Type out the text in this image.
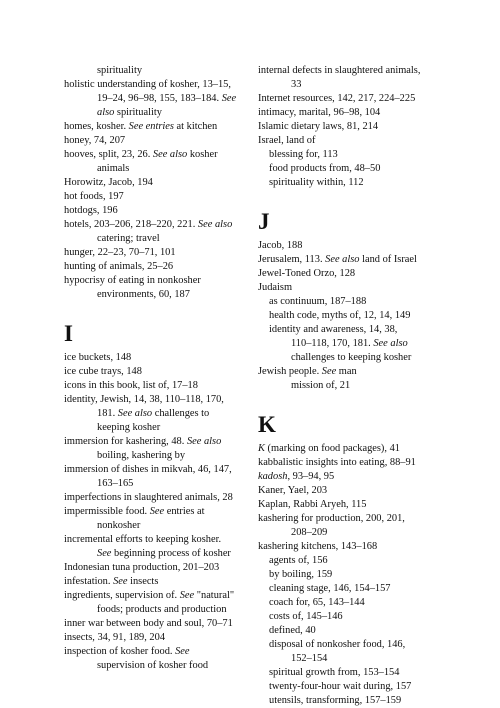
spirituality
holistic understanding of kosher, 13–15,
19–24, 96–98, 155, 183–184. See
also spirituality
homes, kosher. See entries at kitchen
honey, 74, 207
hooves, split, 23, 26. See also kosher
animals
Horowitz, Jacob, 194
hot foods, 197
hotdogs, 196
hotels, 203–206, 218–220, 221. See also
catering; travel
hunger, 22–23, 70–71, 101
hunting of animals, 25–26
hypocrisy of eating in nonkosher
environments, 60, 187
I
ice buckets, 148
ice cube trays, 148
icons in this book, list of, 17–18
identity, Jewish, 14, 38, 110–118, 170,
181. See also challenges to
keeping kosher
immersion for kashering, 48. See also
boiling, kashering by
immersion of dishes in mikvah, 46, 147,
163–165
imperfections in slaughtered animals, 28
impermissible food. See entries at
nonkosher
incremental efforts to keeping kosher.
See beginning process of kosher
Indonesian tuna production, 201–203
infestation. See insects
ingredients, supervision of. See "natural"
foods; products and production
inner war between body and soul, 70–71
insects, 34, 91, 189, 204
inspection of kosher food. See
supervision of kosher food
internal defects in slaughtered animals,
33
Internet resources, 142, 217, 224–225
intimacy, marital, 96–98, 104
Islamic dietary laws, 81, 214
Israel, land of
blessing for, 113
food products from, 48–50
spirituality within, 112
J
Jacob, 188
Jerusalem, 113. See also land of Israel
Jewel-Toned Orzo, 128
Judaism
as continuum, 187–188
health code, myths of, 12, 14, 149
identity and awareness, 14, 38,
110–118, 170, 181. See also
challenges to keeping kosher
Jewish people. See man
mission of, 21
K
K (marking on food packages), 41
kabbalistic insights into eating, 88–91
kadosh, 93–94, 95
Kaner, Yael, 203
Kaplan, Rabbi Aryeh, 115
kashering for production, 200, 201,
208–209
kashering kitchens, 143–168
agents of, 156
by boiling, 159
cleaning stage, 146, 154–157
coach for, 65, 143–144
costs of, 145–146
defined, 40
disposal of nonkosher food, 146,
152–154
spiritual growth from, 153–154
twenty-four-hour wait during, 157
utensils, transforming, 157–159
